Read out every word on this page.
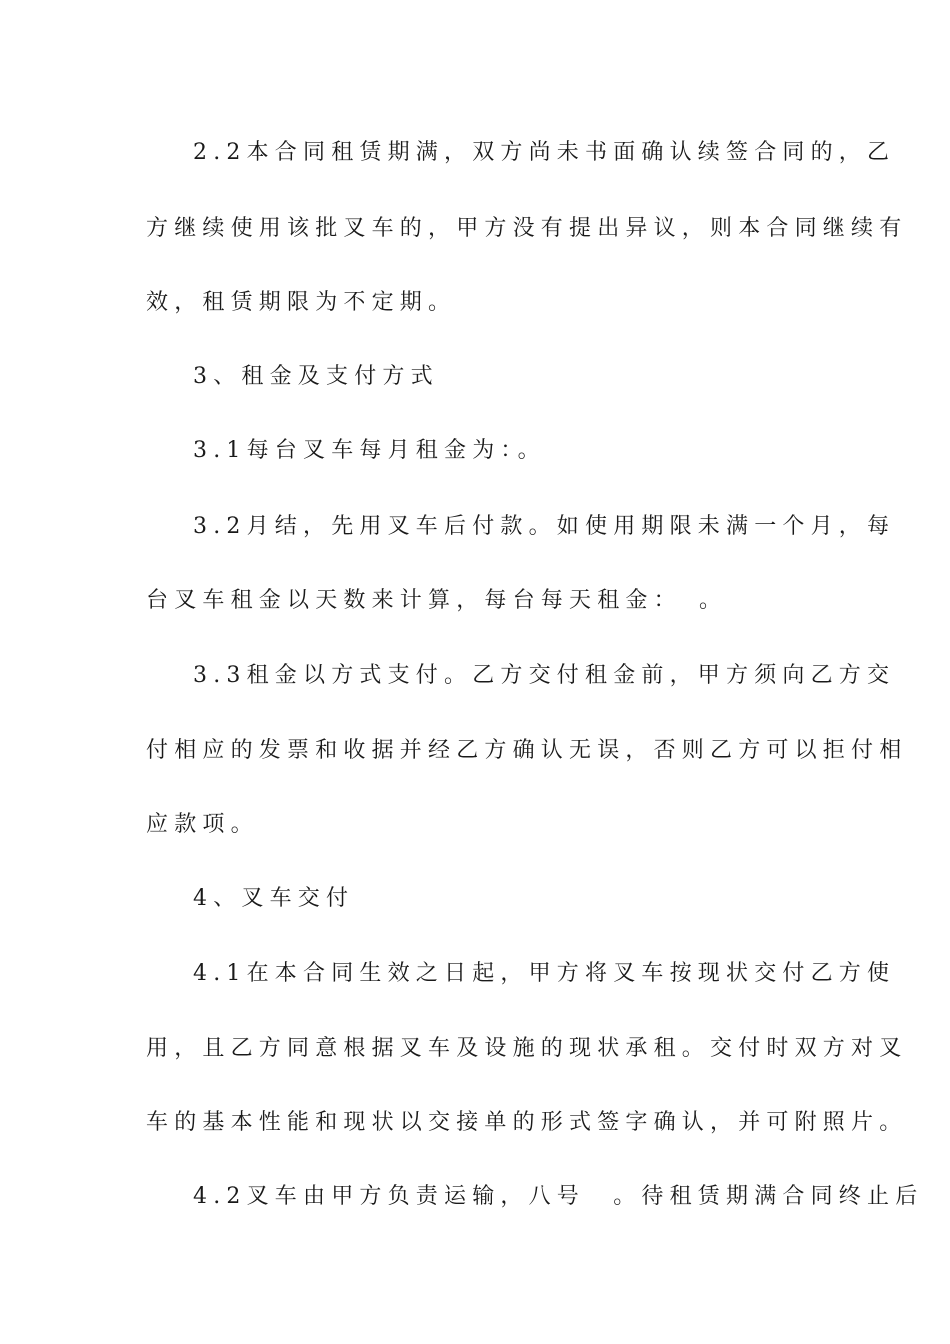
2.2本合同租赁期满，双方尚未书面确认续签合同的，乙
方继续使用该批叉车的，甲方没有提出异议，则本合同继续有
效，租赁期限为不定期。
3、租金及支付方式
3.1每台叉车每月租金为：。
3.2月结，先用叉车后付款。如使用期限未满一个月，每
台叉车租金以天数来计算，每台每天租金：　。
3.3租金以方式支付。乙方交付租金前，甲方须向乙方交
付相应的发票和收据并经乙方确认无误，否则乙方可以拒付相
应款项。
4、叉车交付
4.1在本合同生效之日起，甲方将叉车按现状交付乙方使
用，且乙方同意根据叉车及设施的现状承租。交付时双方对叉
车的基本性能和现状以交接单的形式签字确认，并可附照片。
4.2叉车由甲方负责运输，八号　。待租赁期满合同终止后
